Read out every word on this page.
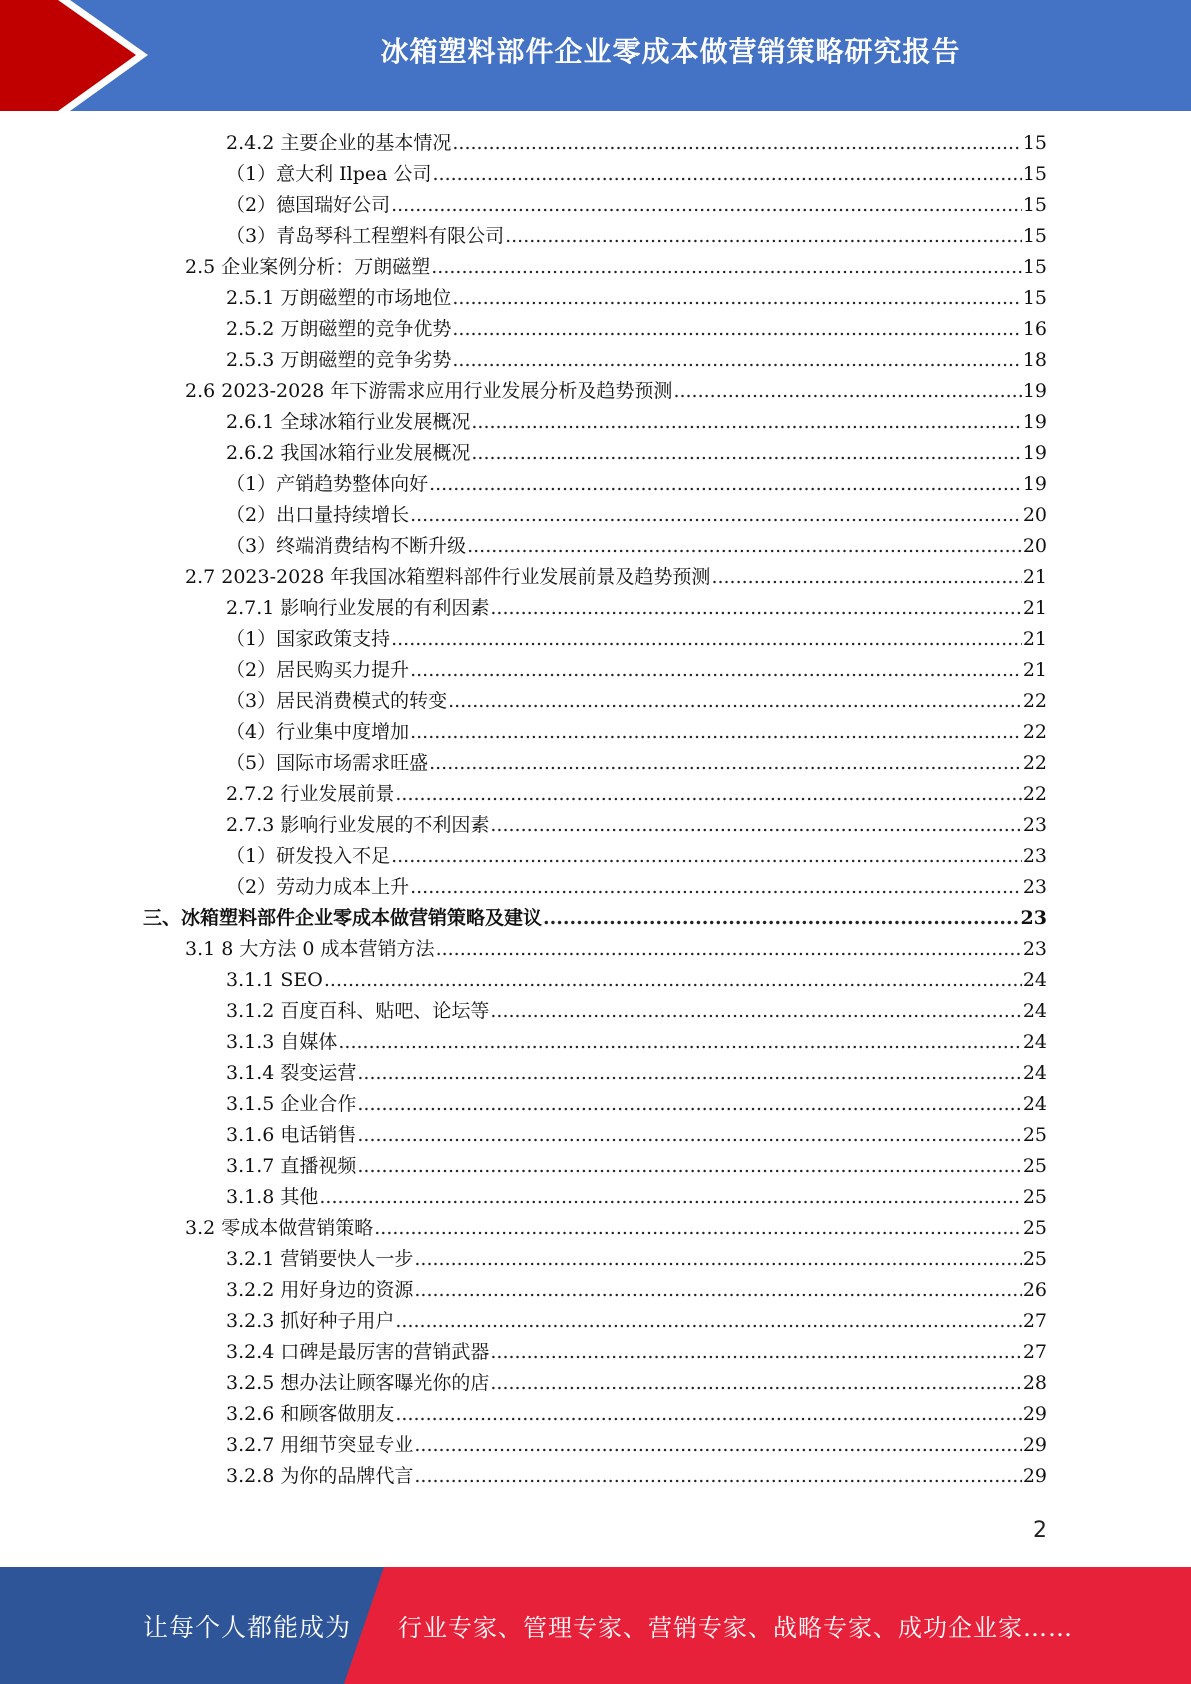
冰箱塑料部件企业零成本做营销策略研究报告
2.4.2 主要企业的基本情况 .....	15
（1）意大利 Ilpea 公司 .....	15
（2）德国瑞好公司 .....	15
（3）青岛琴科工程塑料有限公司 .....	15
2.5 企业案例分析：万朗磁塑 .....	15
2.5.1 万朗磁塑的市场地位 .....	15
2.5.2 万朗磁塑的竞争优势 .....	16
2.5.3 万朗磁塑的竞争劣势 .....	18
2.6 2023-2028 年下游需求应用行业发展分析及趋势预测 .....	19
2.6.1 全球冰箱行业发展概况 .....	19
2.6.2 我国冰箱行业发展概况 .....	19
（1）产销趋势整体向好 .....	19
（2）出口量持续增长 .....	20
（3）终端消费结构不断升级 .....	20
2.7 2023-2028 年我国冰箱塑料部件行业发展前景及趋势预测 .....	21
2.7.1 影响行业发展的有利因素 .....	21
（1）国家政策支持 .....	21
（2）居民购买力提升 .....	21
（3）居民消费模式的转变 .....	22
（4）行业集中度增加 .....	22
（5）国际市场需求旺盛 .....	22
2.7.2 行业发展前景 .....	22
2.7.3 影响行业发展的不利因素 .....	23
（1）研发投入不足 .....	23
（2）劳动力成本上升 .....	23
三、冰箱塑料部件企业零成本做营销策略及建议 .....	23
3.1 8 大方法 0 成本营销方法 .....	23
3.1.1 SEO .....	24
3.1.2 百度百科、贴吧、论坛等 .....	24
3.1.3 自媒体 .....	24
3.1.4 裂变运营 .....	24
3.1.5 企业合作 .....	24
3.1.6 电话销售 .....	25
3.1.7 直播视频 .....	25
3.1.8 其他 .....	25
3.2 零成本做营销策略 .....	25
3.2.1 营销要快人一步 .....	25
3.2.2 用好身边的资源 .....	26
3.2.3 抓好种子用户 .....	27
3.2.4 口碑是最厉害的营销武器 .....	27
3.2.5 想办法让顾客曝光你的店 .....	28
3.2.6 和顾客做朋友 .....	29
3.2.7 用细节突显专业 .....	29
3.2.8 为你的品牌代言 .....	29
2
让每个人都能成为 行业专家、管理专家、营销专家、战略专家、成功企业家……
